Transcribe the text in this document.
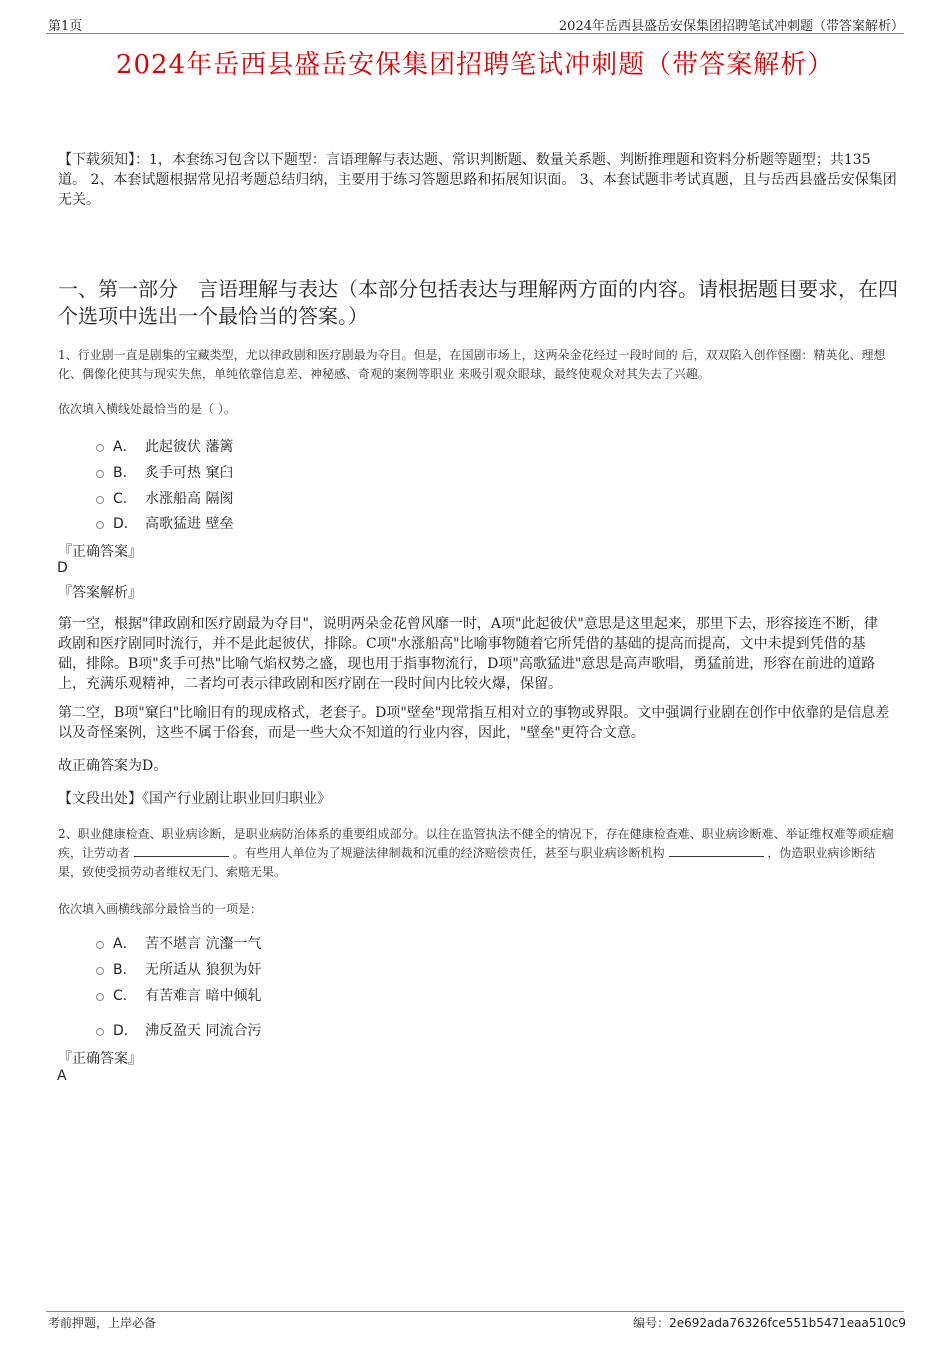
第1页	2024年岳西县盛岳安保集团招聘笔试冲刺题（带答案解析）
2024年岳西县盛岳安保集团招聘笔试冲刺题（带答案解析）
【下载须知】：1，本套练习包含以下题型：言语理解与表达题、常识判断题、数量关系题、判断推理题和资料分析题等题型；共135道。 2、本套试题根据常见招考题总结归纳，主要用于练习答题思路和拓展知识面。 3、本套试题非考试真题，且与岳西县盛岳安保集团无关。
一、第一部分　言语理解与表达（本部分包括表达与理解两方面的内容。请根据题目要求，在四个选项中选出一个最恰当的答案。）
1、行业剧一直是剧集的宝藏类型，尤以律政剧和医疗剧最为夺目。但是，在国剧市场上，这两朵金花经过一段时间的 后，双双陷入创作怪圈：精英化、理想化、偶像化使其与现实失焦，单纯依靠信息差、神秘感、奇观的案例等职业 来吸引观众眼球，最终使观众对其失去了兴趣。
依次填入横线处最恰当的是（ ）。
A． 此起彼伏 藩篱
B． 炙手可热 窠臼
C． 水涨船高 隔阂
D． 高歌猛进 壁垒
『正确答案』
D
『答案解析』
第一空，根据"律政剧和医疗剧最为夺目"，说明两朵金花曾风靡一时，A项"此起彼伏"意思是这里起来，那里下去，形容接连不断，律政剧和医疗剧同时流行，并不是此起彼伏，排除。C项"水涨船高"比喻事物随着它所凭借的基础的提高而提高，文中未提到凭借的基础，排除。B项"炙手可热"比喻气焰权势之盛，现也用于指事物流行，D项"高歌猛进"意思是高声歌唱，勇猛前进，形容在前进的道路上，充满乐观精神，二者均可表示律政剧和医疗剧在一段时间内比较火爆，保留。
第二空，B项"窠臼"比喻旧有的现成格式，老套子。D项"壁垒"现常指互相对立的事物或界限。文中强调行业剧在创作中依靠的是信息差以及奇怪案例，这些不属于俗套，而是一些大众不知道的行业内容，因此，"壁垒"更符合文意。
故正确答案为D。
【文段出处】《国产行业剧让职业回归职业》
2、职业健康检查、职业病诊断，是职业病防治体系的重要组成部分。以往在监管执法不健全的情况下，存在健康检查难、职业病诊断难、举证维权难等顽症痼疾，让劳动者	。有些用人单位为了规避法律制裁和沉重的经济赔偿责任，甚至与职业病诊断机构	，伪造职业病诊断结果，致使受损劳动者维权无门、索赔无果。
依次填入画横线部分最恰当的一项是：
A． 苦不堪言 沆瀣一气
B． 无所适从 狼狈为奸
C． 有苦难言 暗中倾轧
D． 沸反盈天 同流合污
『正确答案』
A
考前押题，上岸必备	编号：2e692ada76326fce551b5471eaa510c9
